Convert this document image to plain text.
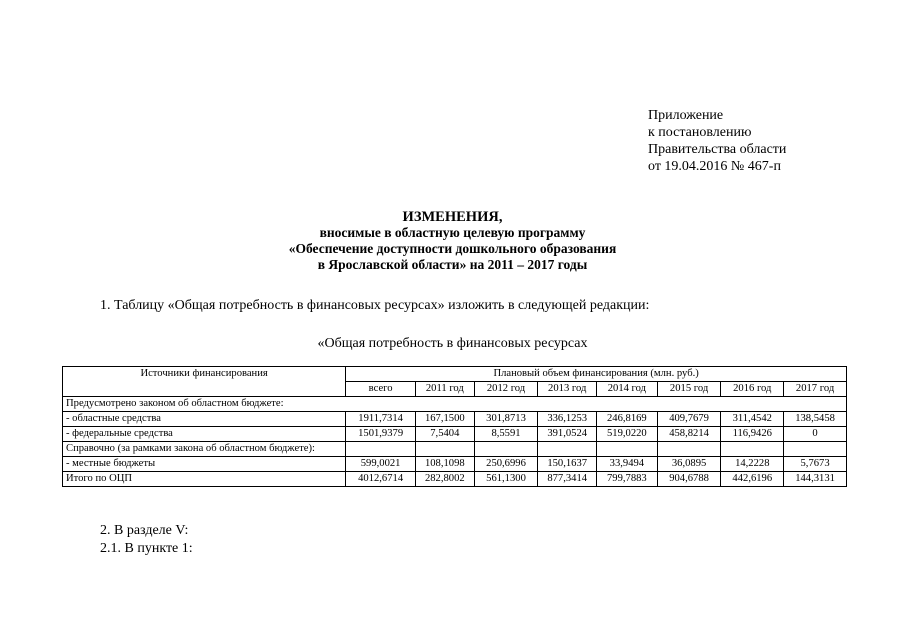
Приложение
к постановлению
Правительства области
от 19.04.2016 № 467-п
ИЗМЕНЕНИЯ,
вносимые в областную целевую программу
«Обеспечение доступности дошкольного образования
в Ярославской области» на 2011 – 2017 годы
1. Таблицу «Общая потребность в финансовых ресурсах» изложить в следующей редакции:
«Общая потребность в финансовых ресурсах
Источники финансирования	Плановый объем финансирования (млн. руб.)							
	всего	2011 год	2012 год	2013 год	2014 год	2015 год	2016 год	2017 год
Предусмотрено законом об областном бюджете:								
- областные средства	1911,7314	167,1500	301,8713	336,1253	246,8169	409,7679	311,4542	138,5458
- федеральные средства	1501,9379	7,5404	8,5591	391,0524	519,0220	458,8214	116,9426	0
Справочно (за рамками закона об областном бюджете):								
- местные бюджеты	599,0021	108,1098	250,6996	150,1637	33,9494	36,0895	14,2228	5,7673
Итого по ОЦП	4012,6714	282,8002	561,1300	877,3414	799,7883	904,6788	442,6196	144,3131
2. В разделе V:
2.1. В пункте 1:
